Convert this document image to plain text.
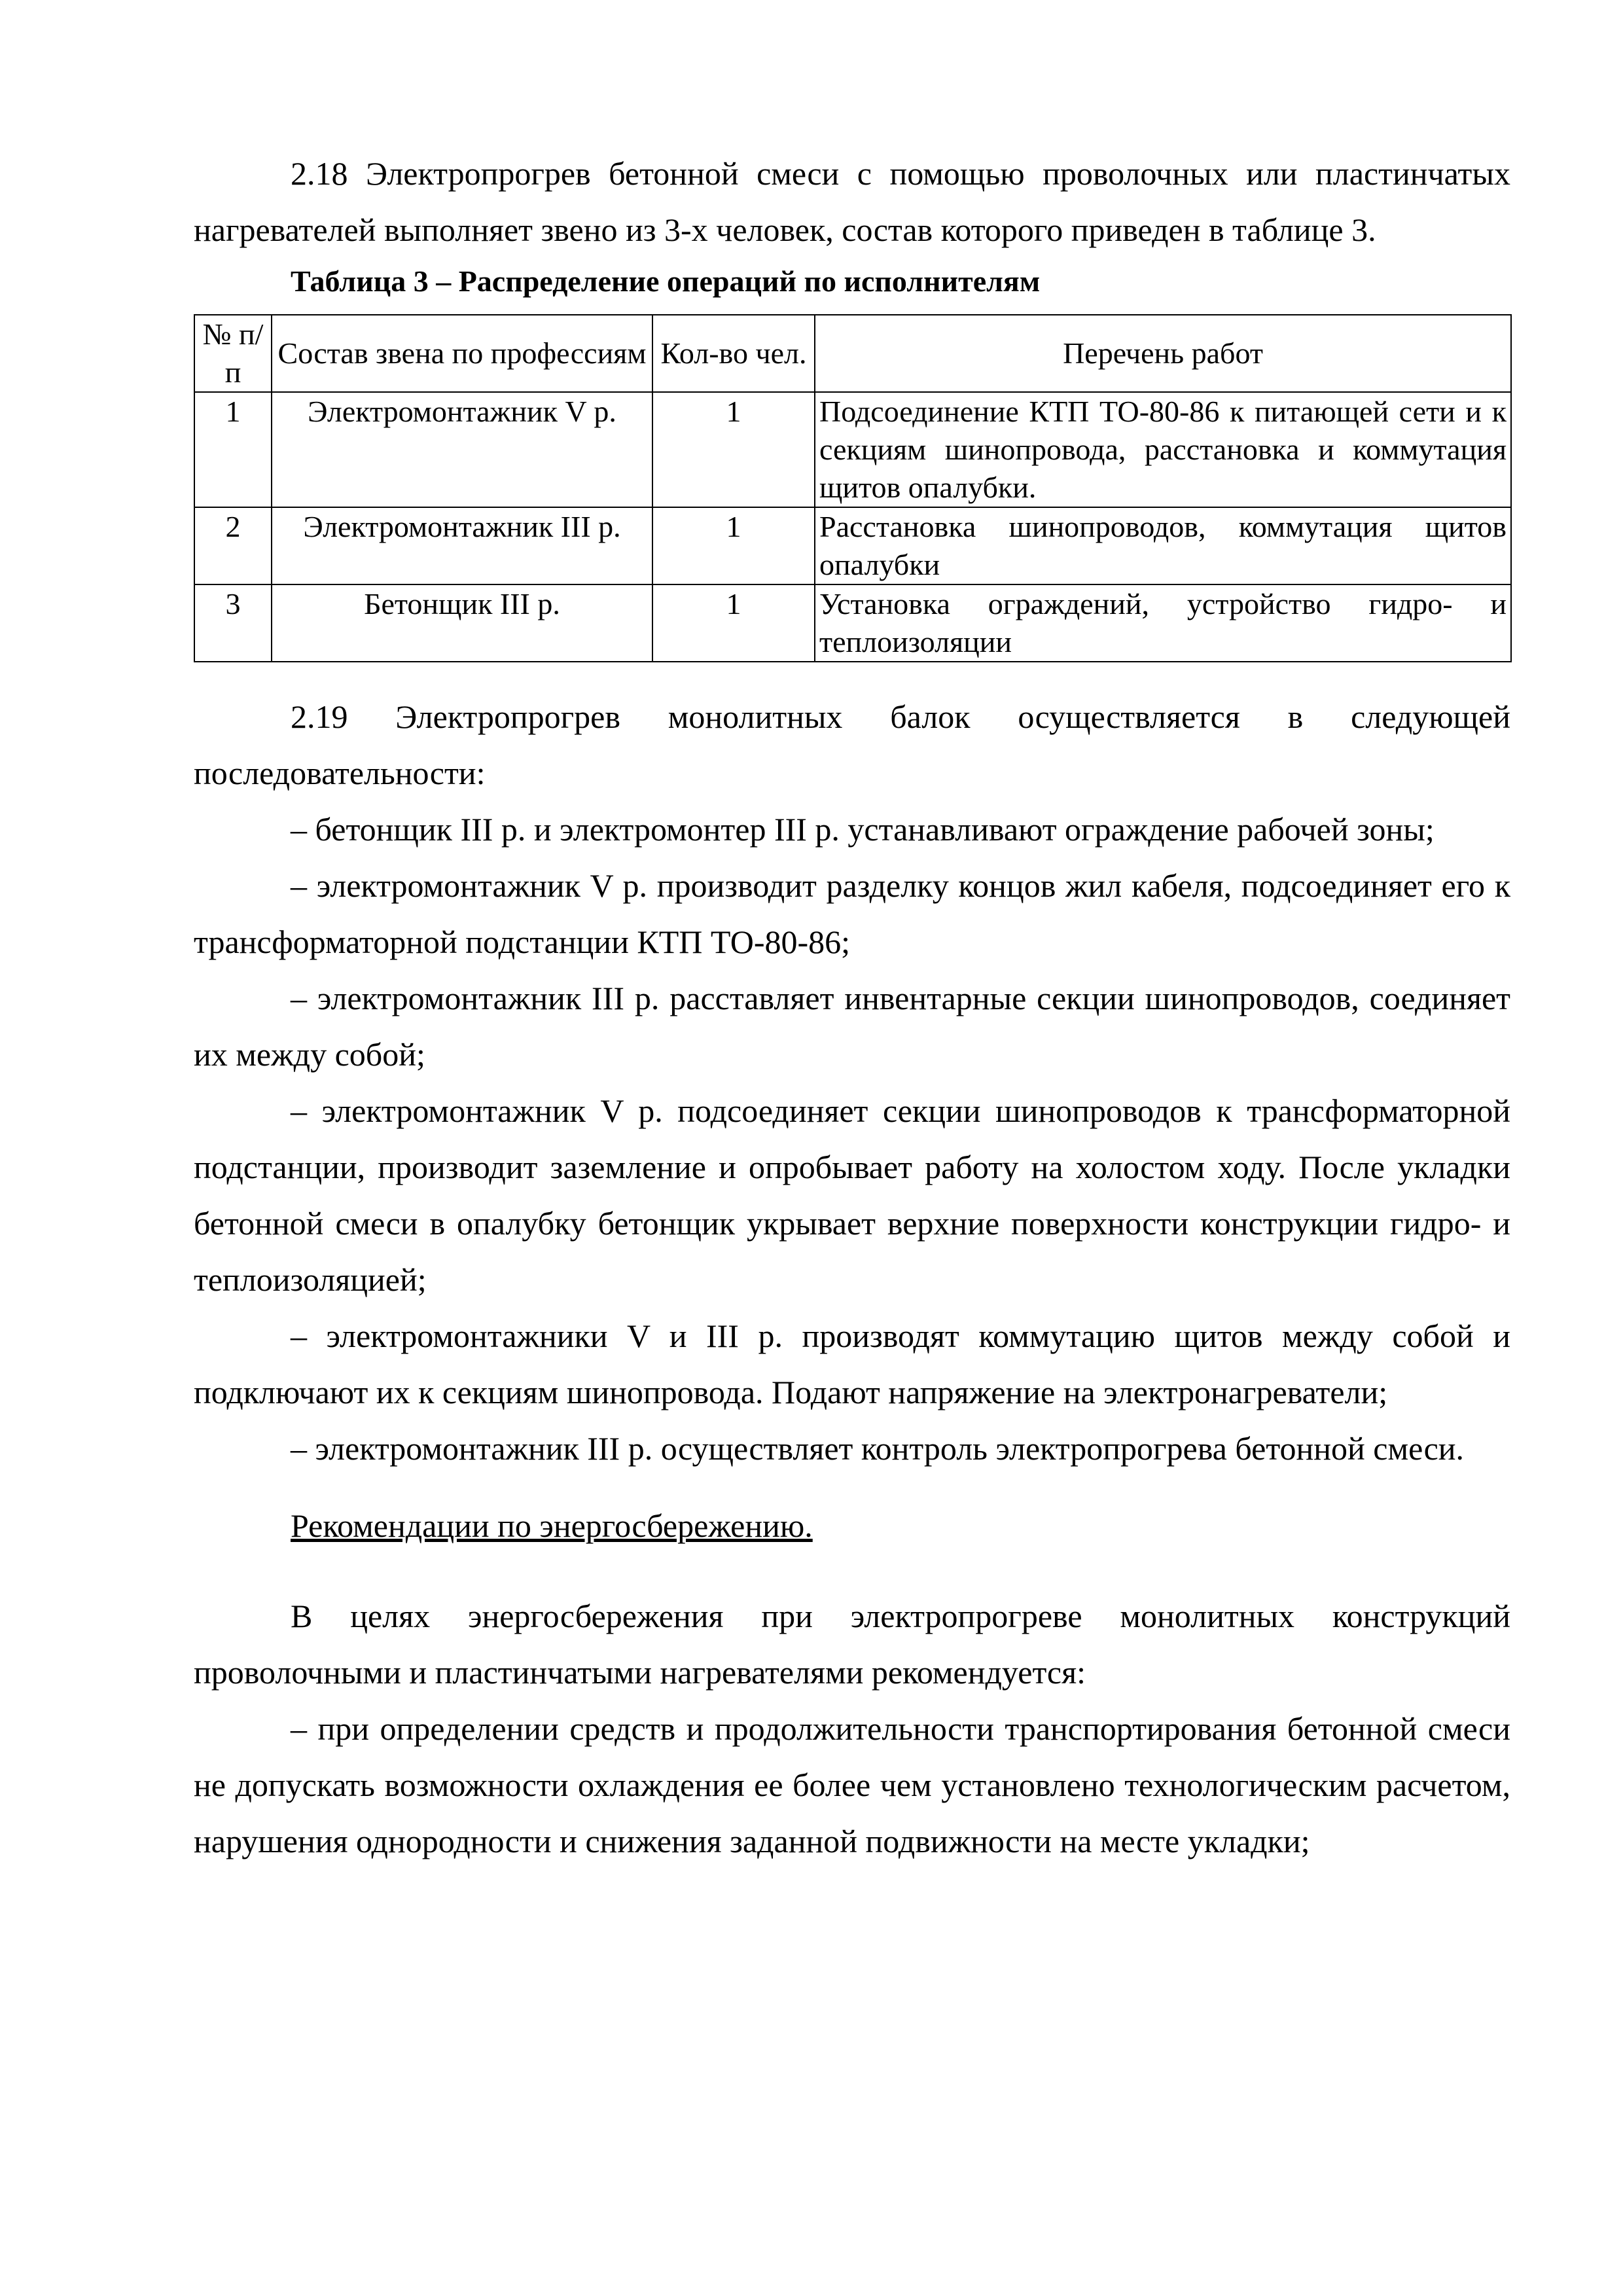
2.18 Электропрогрев бетонной смеси с помощью проволочных или пластинчатых нагревателей выполняет звено из 3-х человек, состав которого приведен в таблице 3.

Таблица 3 – Распределение операций по исполнителям
№ п/п	Состав звена по профессиям	Кол-во чел.	Перечень работ
1	Электромонтажник V р.	1	Подсоединение КТП ТО-80-86 к питающей сети и к секциям шинопровода, расстановка и коммутация щитов опалубки.
2	Электромонтажник III р.	1	Расстановка шинопроводов, коммутация щитов опалубки
3	Бетонщик III р.	1	Установка ограждений, устройство гидро- и теплоизоляции

2.19 Электропрогрев монолитных балок осуществляется в следующей последовательности:

– бетонщик III р. и электромонтер III р. устанавливают ограждение рабочей зоны;

– электромонтажник V р. производит разделку концов жил кабеля, подсоединяет его к трансформаторной подстанции КТП ТО-80-86;

– электромонтажник III р. расставляет инвентарные секции шинопроводов, соединяет их между собой;

– электромонтажник V р. подсоединяет секции шинопроводов к трансформаторной подстанции, производит заземление и опробывает работу на холостом ходу. После укладки бетонной смеси в опалубку бетонщик укрывает верхние поверхности конструкции гидро- и теплоизоляцией;

– электромонтажники V и III р. производят коммутацию щитов между собой и подключают их к секциям шинопровода. Подают напряжение на электронагреватели;

– электромонтажник III р. осуществляет контроль электропрогрева бетонной смеси.

Рекомендации по энергосбережению.

В целях энергосбережения при электропрогреве монолитных конструкций проволочными и пластинчатыми нагревателями рекомендуется:

– при определении средств и продолжительности транспортирования бетонной смеси не допускать возможности охлаждения ее более чем установлено технологическим расчетом, нарушения однородности и снижения заданной подвижности на месте укладки;
